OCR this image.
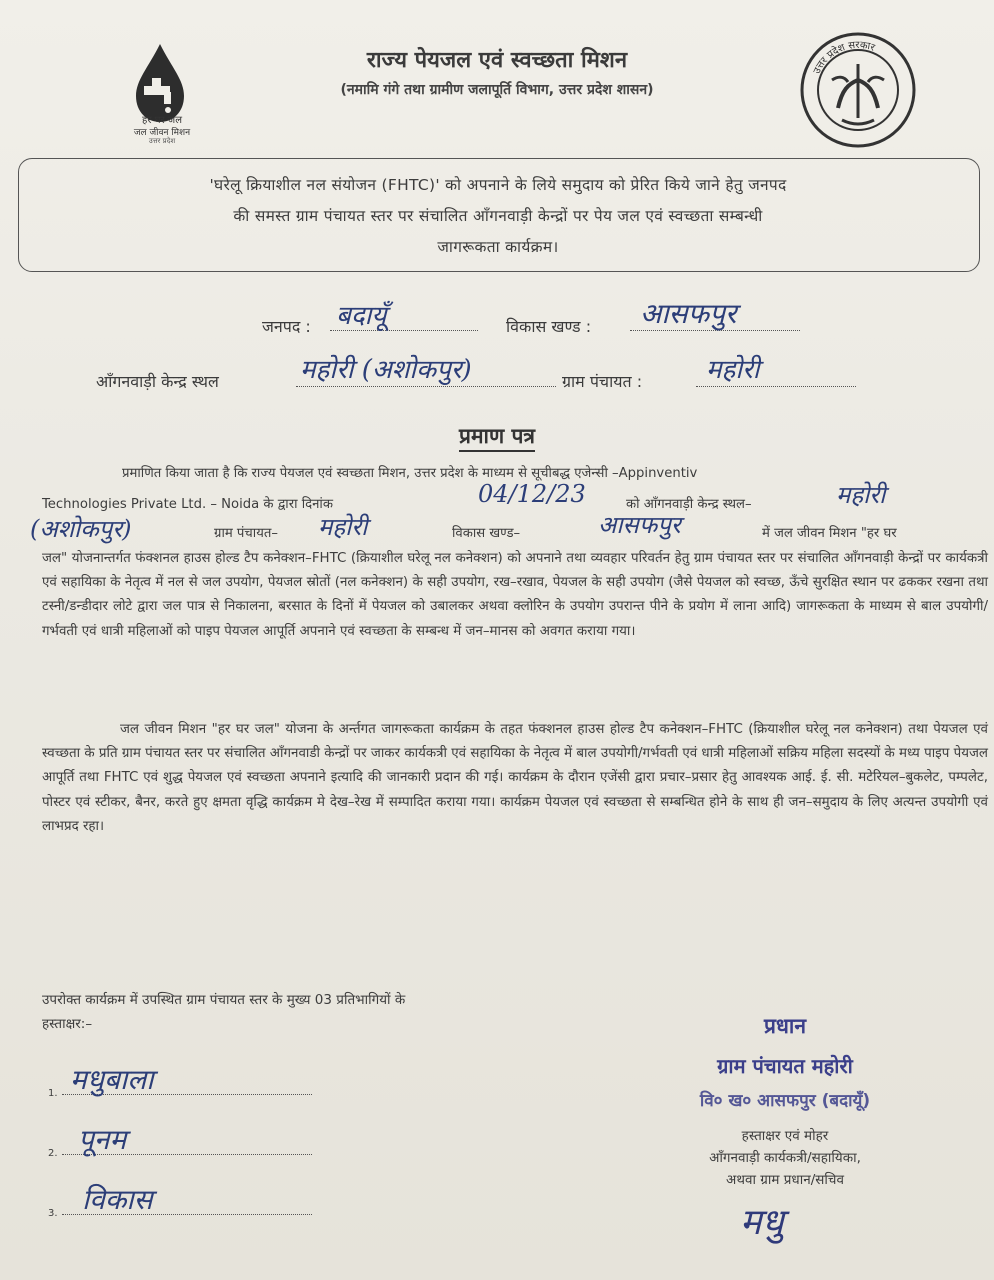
हर घर जल
जल जीवन मिशन
उत्तर प्रदेश
राज्य पेयजल एवं स्वच्छता मिशन
(नमामि गंगे तथा ग्रामीण जलापूर्ति विभाग, उत्तर प्रदेश शासन)
उत्तर प्रदेश सरकार
'घरेलू क्रियाशील नल संयोजन (FHTC)' को अपनाने के लिये समुदाय को प्रेरित किये जाने हेतु जनपद
की समस्त ग्राम पंचायत स्तर पर संचालित आँगनवाड़ी केन्द्रों पर पेय जल एवं स्वच्छता सम्बन्धी
जागरूकता कार्यक्रम।
जनपद : बदायूँ	विकास खण्ड : आसफपुर
आँगनवाड़ी केन्द्र स्थल	महोरी (अशोकपुर)	ग्राम पंचायत : महोरी
प्रमाण पत्र
प्रमाणित किया जाता है कि राज्य पेयजल एवं स्वच्छता मिशन, उत्तर प्रदेश के माध्यम से सूचीबद्ध एजेन्सी –Appinventiv
Technologies Private Ltd. – Noida के द्वारा दिनांक	04/12/23	को आँगनवाड़ी केन्द्र स्थल–	महोरी
(अशोकपुर)	ग्राम पंचायत– महोरी	विकास खण्ड–	आसफपुर	में जल जीवन मिशन "हर घर
जल" योजनान्तर्गत फंक्शनल हाउस होल्ड टैप कनेक्शन–FHTC (क्रियाशील घरेलू नल कनेक्शन) को अपनाने तथा व्यवहार परिवर्तन हेतु ग्राम पंचायत स्तर पर संचालित आँगनवाड़ी केन्द्रों पर कार्यकत्री एवं सहायिका के नेतृत्व में नल से जल उपयोग, पेयजल स्रोतों (नल कनेक्शन) के सही उपयोग, रख–रखाव, पेयजल के सही उपयोग (जैसे पेयजल को स्वच्छ, ऊँचे सुरक्षित स्थान पर ढककर रखना तथा टस्नी/डन्डीदार लोटे द्वारा जल पात्र से निकालना, बरसात के दिनों में पेयजल को उबालकर अथवा क्लोरिन के उपयोग उपरान्त पीने के प्रयोग में लाना आदि) जागरूकता के माध्यम से बाल उपयोगी/गर्भवती एवं धात्री महिलाओं को पाइप पेयजल आपूर्ति अपनाने एवं स्वच्छता के सम्बन्ध में जन–मानस को अवगत कराया गया।
जल जीवन मिशन "हर घर जल" योजना के अर्न्तगत जागरूकता कार्यक्रम के तहत फंक्शनल हाउस होल्ड टैप कनेक्शन–FHTC (क्रियाशील घरेलू नल कनेक्शन) तथा पेयजल एवं स्वच्छता के प्रति ग्राम पंचायत स्तर पर संचालित आँगनवाडी केन्द्रों पर जाकर कार्यकत्री एवं सहायिका के नेतृत्व में बाल उपयोगी/गर्भवती एवं धात्री महिलाओं सक्रिय महिला सदस्यों के मध्य पाइप पेयजल आपूर्ति तथा FHTC एवं शुद्ध पेयजल एवं स्वच्छता अपनाने इत्यादि की जानकारी प्रदान की गई। कार्यक्रम के दौरान एजेंसी द्वारा प्रचार–प्रसार हेतु आवश्यक आई. ई. सी. मटेरियल–बुकलेट, पम्पलेट, पोस्टर एवं स्टीकर, बैनर, करते हुए क्षमता वृद्धि कार्यक्रम मे देख–रेख में सम्पादित कराया गया। कार्यक्रम पेयजल एवं स्वच्छता से सम्बन्धित होने के साथ ही जन–समुदाय के लिए अत्यन्त उपयोगी एवं लाभप्रद रहा।
उपरोक्त कार्यक्रम में उपस्थित ग्राम पंचायत स्तर के मुख्य 03 प्रतिभागियों के
हस्ताक्षर:–
1. मधुबाला
2. पूनम
3. विकास
प्रधान
ग्राम पंचायत महोरी
वि० ख० आसफपुर (बदायूँ)
हस्ताक्षर एवं मोहर
आँगनवाड़ी कार्यकत्री/सहायिका,
अथवा ग्राम प्रधान/सचिव
मधु
